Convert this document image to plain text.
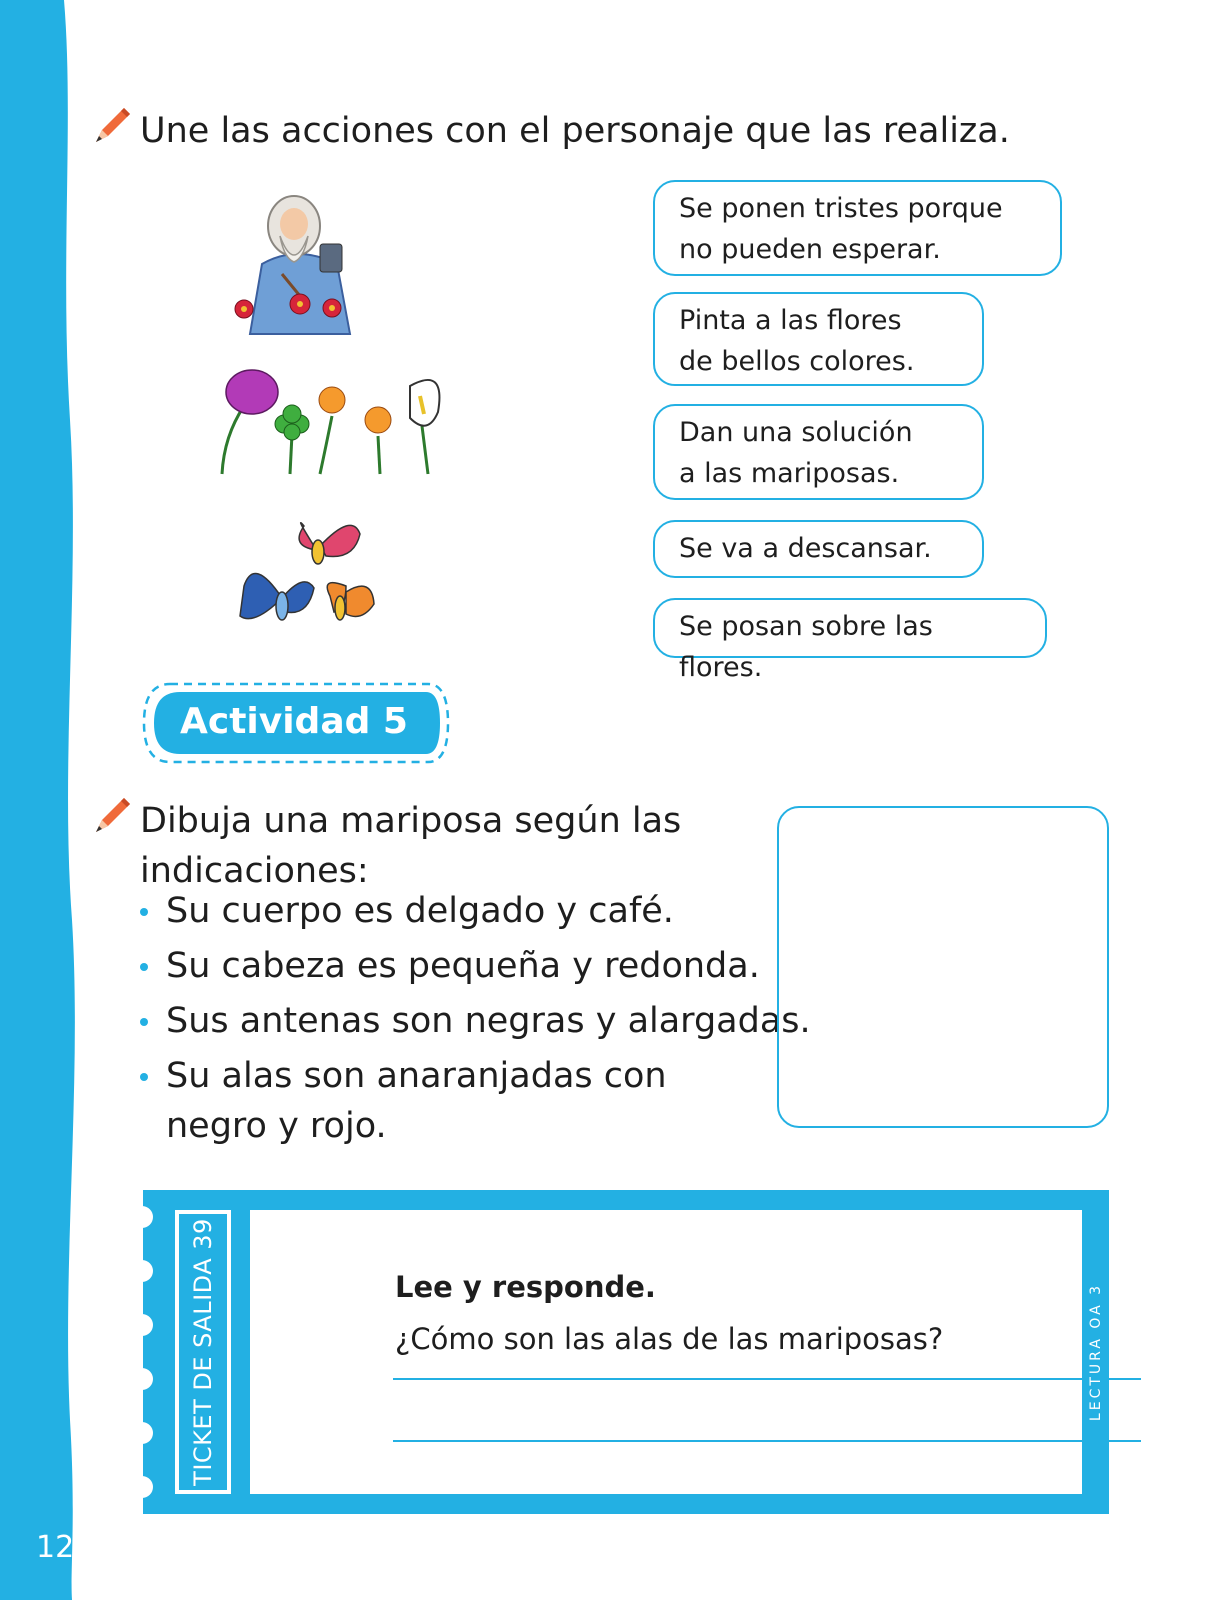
12
Une las acciones con el personaje que las realiza.
Se ponen tristes porque
no pueden esperar.
Pinta a las flores
de bellos colores.
Dan una solución
a las mariposas.
Se va a descansar.
Se posan sobre las flores.
Actividad 5
Dibuja una mariposa según las
indicaciones:
Su cuerpo es delgado y café.
Su cabeza es pequeña y redonda.
Sus antenas son negras y alargadas.
Su alas son anaranjadas con
negro y rojo.
TICKET DE SALIDA 39	Lee y responde.
¿Cómo son las alas de las mariposas?	LECTURA OA 3
